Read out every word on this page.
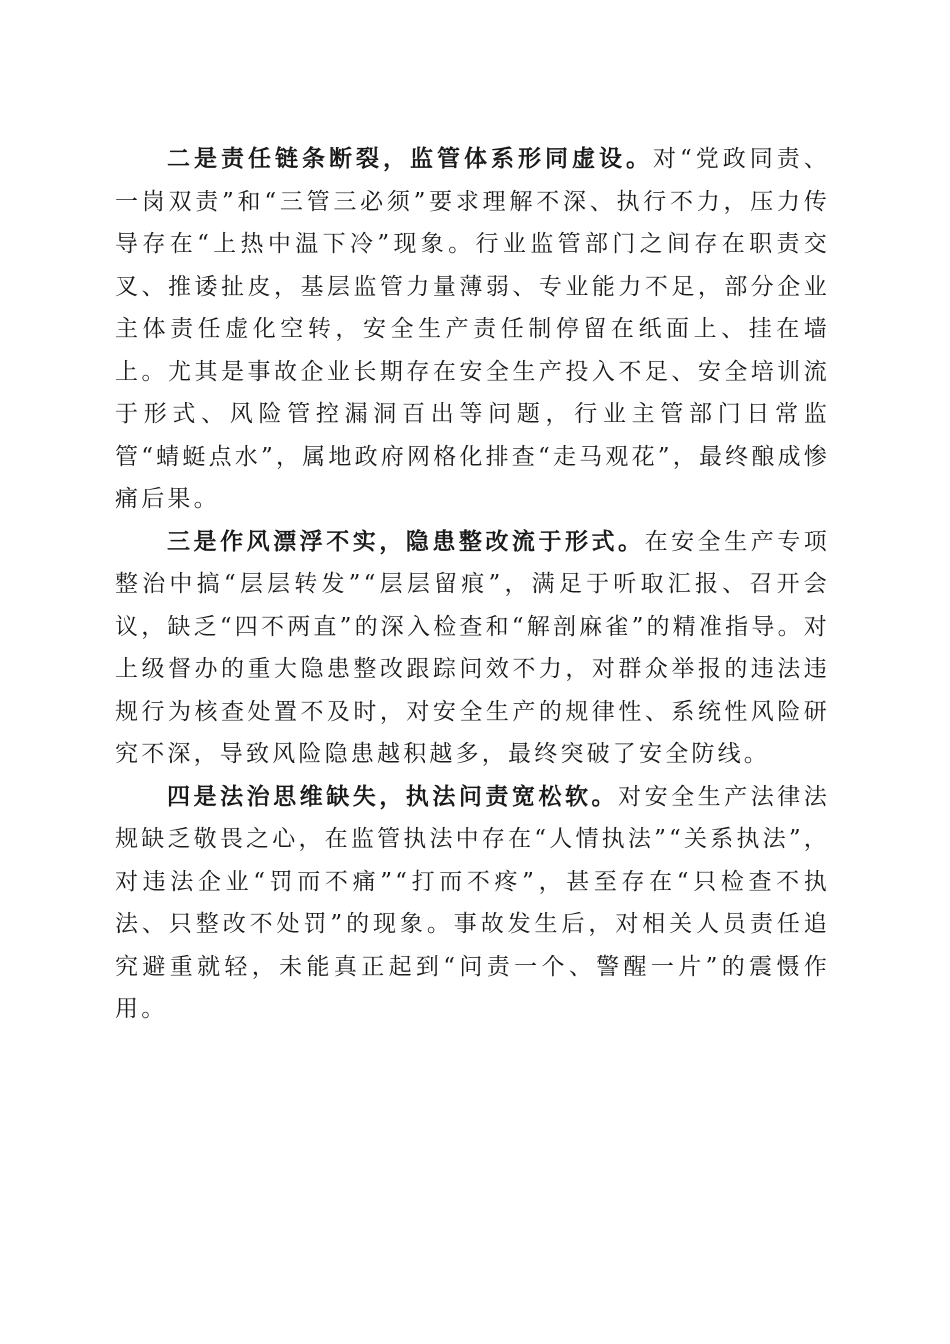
二是责任链条断裂，监管体系形同虚设。对“党政同责、一岗双责”和“三管三必须”要求理解不深、执行不力，压力传导存在“上热中温下冷”现象。行业监管部门之间存在职责交叉、推诿扯皮，基层监管力量薄弱、专业能力不足，部分企业主体责任虚化空转，安全生产责任制停留在纸面上、挂在墙上。尤其是事故企业长期存在安全生产投入不足、安全培训流于形式、风险管控漏洞百出等问题，行业主管部门日常监管“蜻蜓点水”，属地政府网格化排查“走马观花”，最终酿成惨痛后果。

三是作风漂浮不实，隐患整改流于形式。在安全生产专项整治中搞“层层转发”“层层留痕”，满足于听取汇报、召开会议，缺乏“四不两直”的深入检查和“解剖麻雀”的精准指导。对上级督办的重大隐患整改跟踪问效不力，对群众举报的违法违规行为核查处置不及时，对安全生产的规律性、系统性风险研究不深，导致风险隐患越积越多，最终突破了安全防线。

四是法治思维缺失，执法问责宽松软。对安全生产法律法规缺乏敬畏之心，在监管执法中存在“人情执法”“关系执法”，对违法企业“罚而不痛”“打而不疼”，甚至存在“只检查不执法、只整改不处罚”的现象。事故发生后，对相关人员责任追究避重就轻，未能真正起到“问责一个、警醒一片”的震慑作用。
